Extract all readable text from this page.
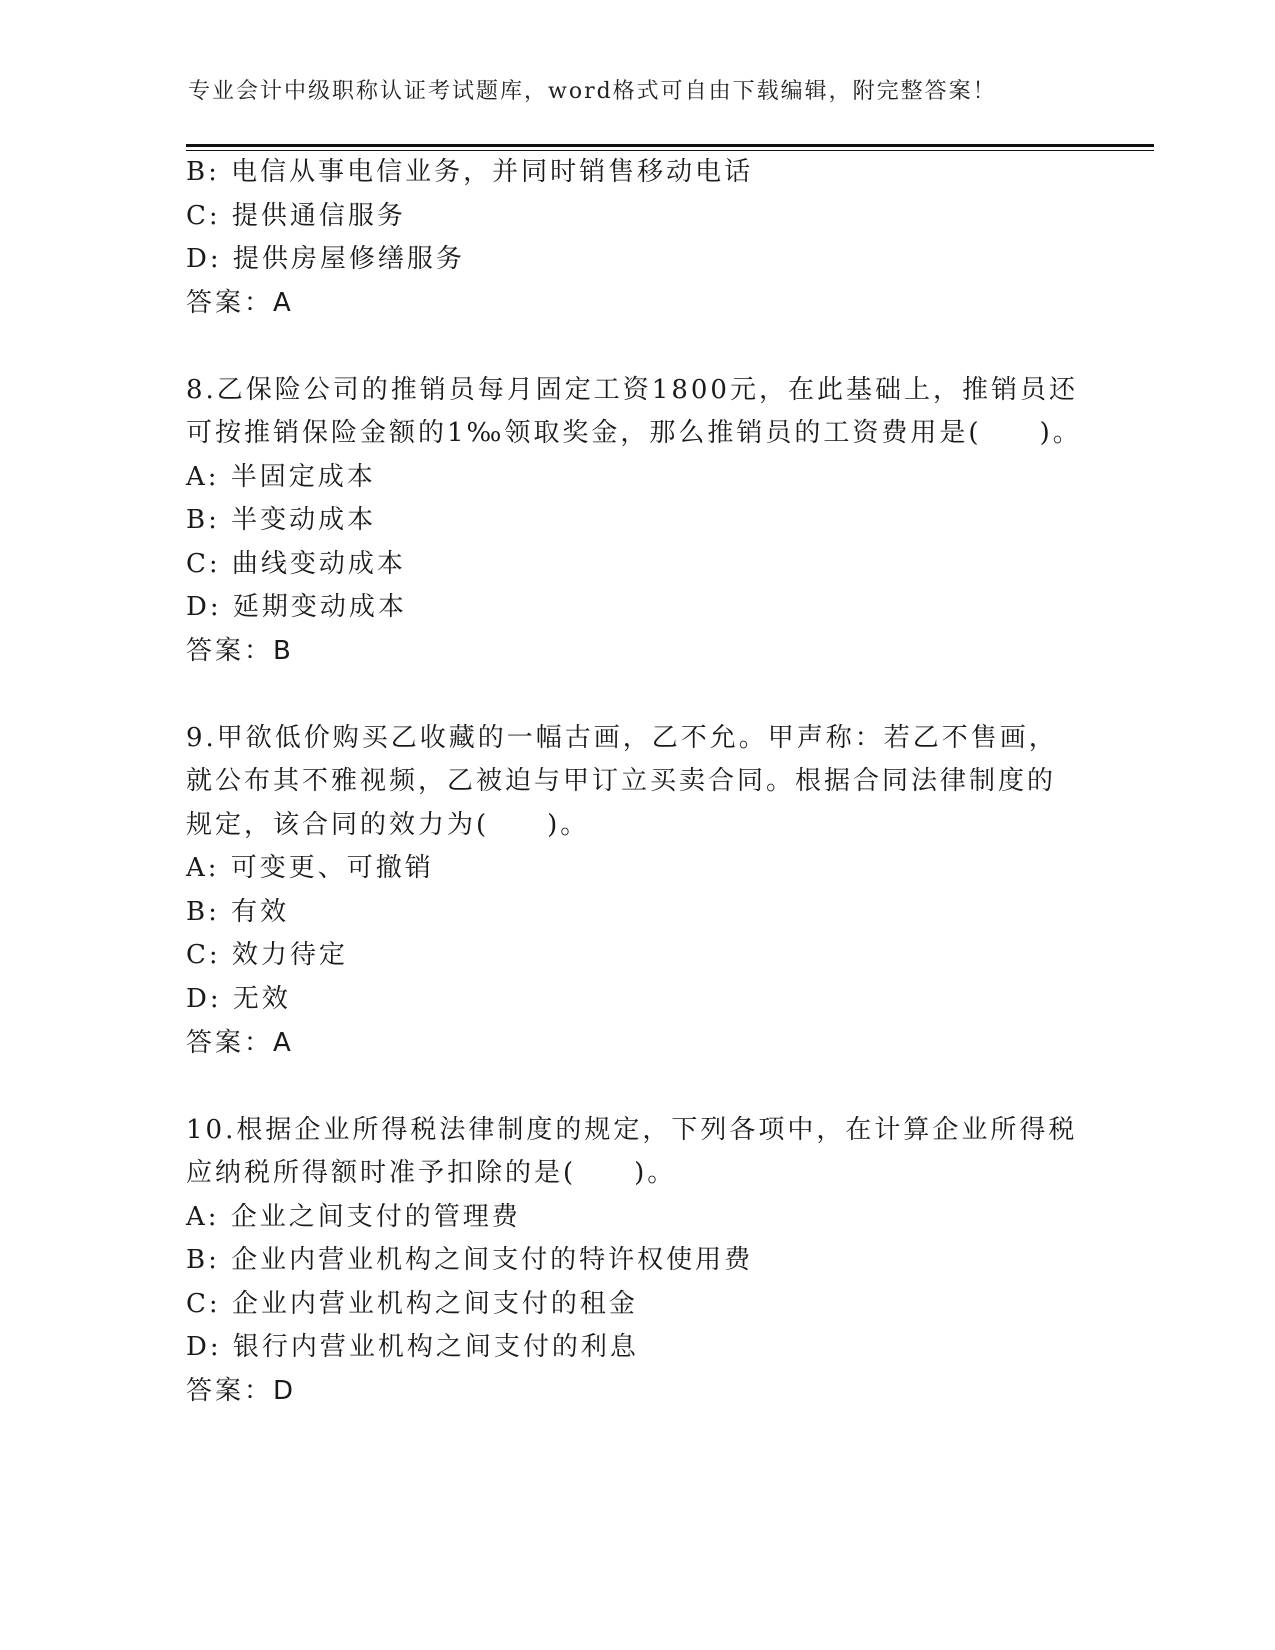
专业会计中级职称认证考试题库，word格式可自由下载编辑，附完整答案！
B: 电信从事电信业务，并同时销售移动电话
C: 提供通信服务
D: 提供房屋修缮服务
答案：A
8.乙保险公司的推销员每月固定工资1800元，在此基础上，推销员还
可按推销保险金额的1‰领取奖金，那么推销员的工资费用是(　　)。
A: 半固定成本
B: 半变动成本
C: 曲线变动成本
D: 延期变动成本
答案：B
9.甲欲低价购买乙收藏的一幅古画，乙不允。甲声称：若乙不售画，
就公布其不雅视频，乙被迫与甲订立买卖合同。根据合同法律制度的
规定，该合同的效力为(　　)。
A: 可变更、可撤销
B: 有效
C: 效力待定
D: 无效
答案：A
10.根据企业所得税法律制度的规定，下列各项中，在计算企业所得税
应纳税所得额时准予扣除的是(　　)。
A: 企业之间支付的管理费
B: 企业内营业机构之间支付的特许权使用费
C: 企业内营业机构之间支付的租金
D: 银行内营业机构之间支付的利息
答案：D
